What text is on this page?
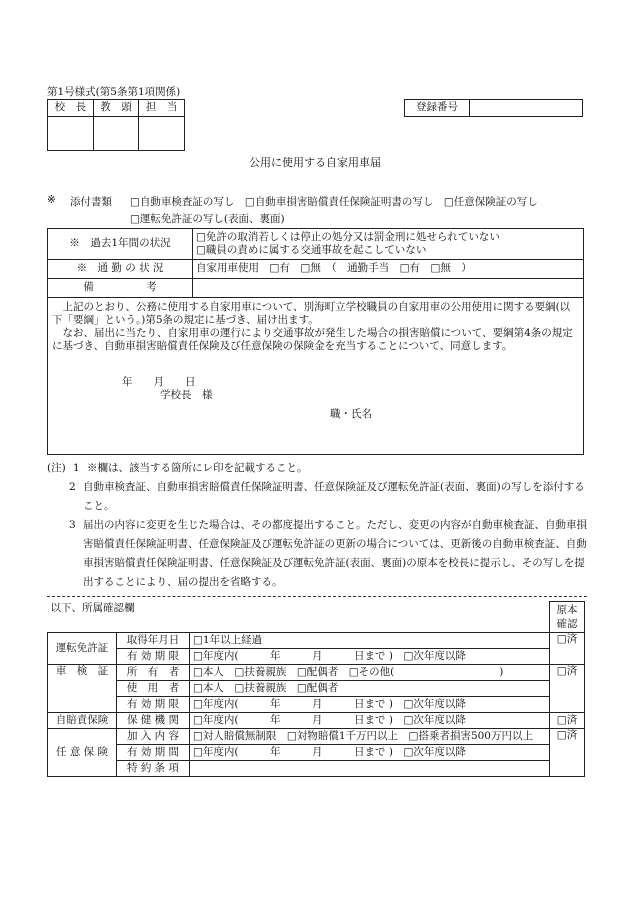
第1号様式(第5条第1項関係)
校　長	教　頭	担　当
			登録番号	
公用に使用する自家用車届
※ 添付書類 □自動車検査証の写し　□自動車損害賠償責任保険証明書の写し　□任意保険証の写し
□運転免許証の写し(表面、裏面)
※　過去1年間の状況	□免許の取消若しくは停止の処分又は罰金刑に処せられていない
□職員の責めに属する交通事故を起こしていない

※　通 勤 の 状 況	自家用車使用　□有　□無　（　通勤手当　□有　□無　）
備　　　　　考	

　上記のとおり、公務に使用する自家用車について、別海町立学校職員の自家用車の公用使用に関する要綱(以下「要綱」という。)第5条の規定に基づき、届け出ます。

　なお、届出に当たり、自家用車の運行により交通事故が発生した場合の損害賠償について、要綱第4条の規定に基づき、自動車損害賠償責任保険及び任意保険の保険金を充当することについて、同意します。

年　　月　　日
学校長　様
職・氏名	
(注) 1 ※欄は、該当する箇所にレ印を記載すること。
2 自動車検査証、自動車損害賠償責任保険証明書、任意保険証及び運転免許証(表面、裏面)の写しを添付すること。
3 届出の内容に変更を生じた場合は、その都度提出すること。ただし、変更の内容が自動車検査証、自動車損害賠償責任保険証明書、任意保険証及び運転免許証の更新の場合については、更新後の自動車検査証、自動車損害賠償責任保険証明書、任意保険証及び運転免許証(表面、裏面)の原本を校長に提示し、その写しを提出することにより、届の提出を省略する。
以下、所属確認欄			原本確認
運転免許証	取得年月日	□1年以上経過	□済
	有 効 期 限	□年度内(　　　年　　　月　　　日まで )　□次年度以降	
車　検　証	所　有　者	□本人　□扶養親族　□配偶者　□その他(　　　　　　　　　　)	□済
	使　用　者	□本人　□扶養親族　□配偶者	
	有 効 期 限	□年度内(　　　年　　　月　　　日まで )　□次年度以降	
自賠責保険	保 健 機 関	□年度内(　　　年　　　月　　　日まで )　□次年度以降	□済
任 意 保 険	加 入 内 容	□対人賠償無制限　□対物賠償1千万円以上　□搭乗者損害500万円以上	□済
	有 効 期 間	□年度内(　　　年　　　月　　　日まで )　□次年度以降	
	特 約 条 項		
